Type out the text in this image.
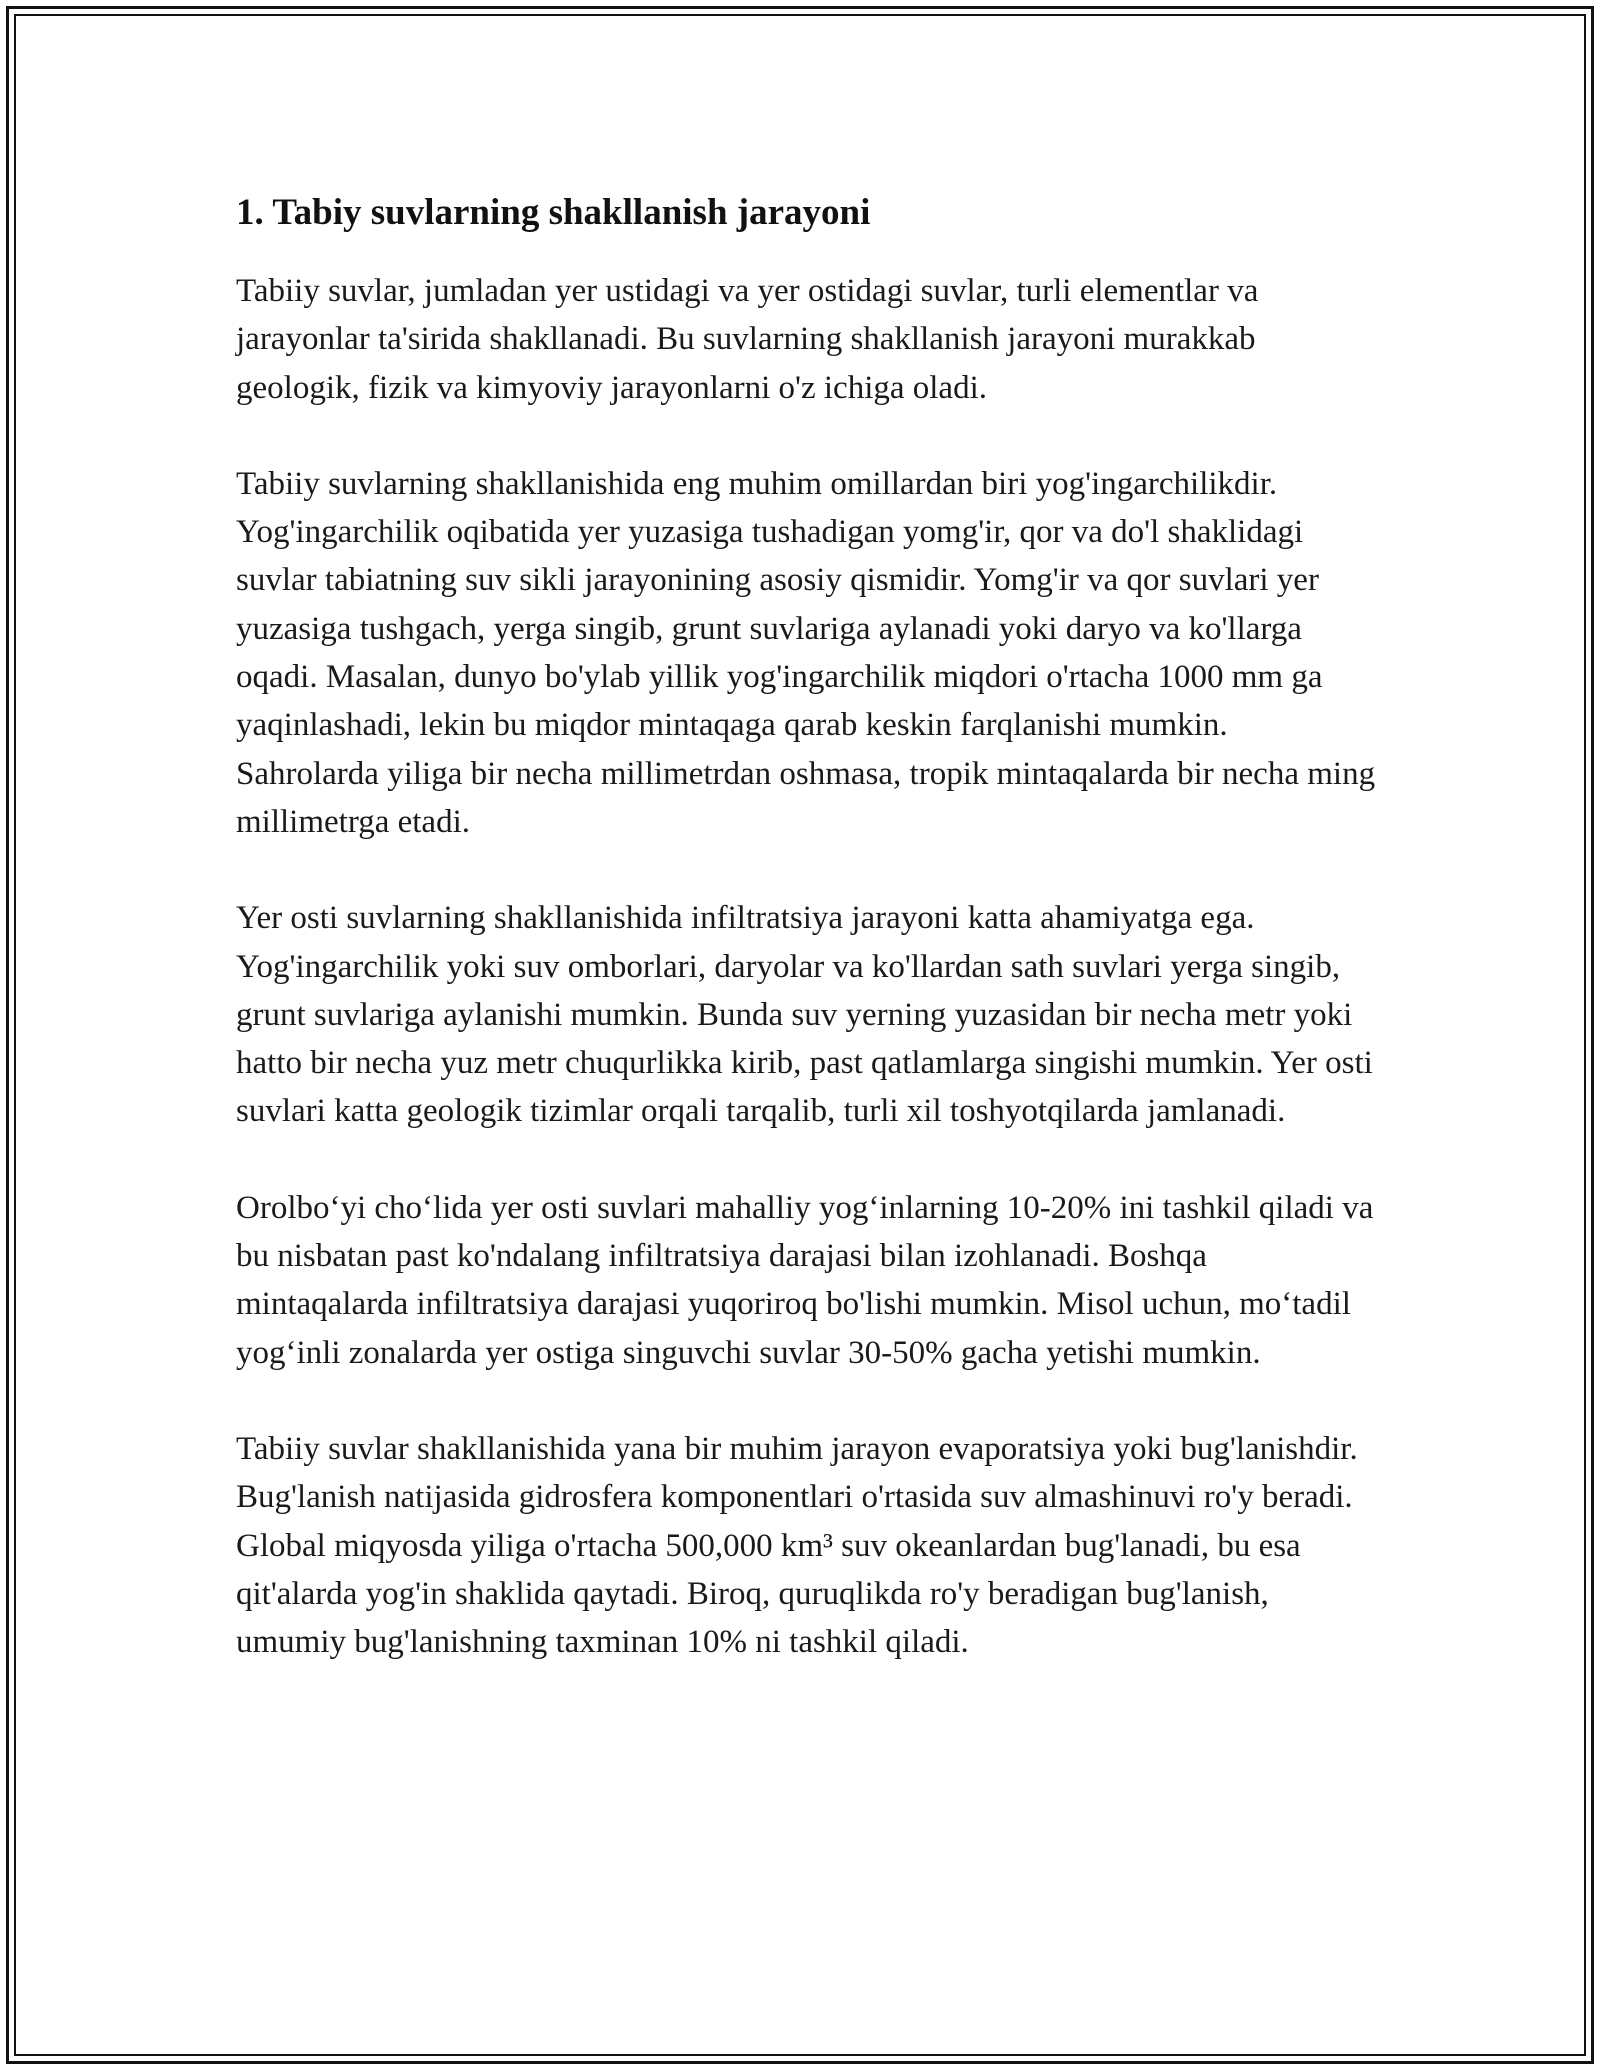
1. Tabiy suvlarning shakllanish jarayoni

Tabiiy suvlar, jumladan yer ustidagi va yer ostidagi suvlar, turli elementlar va jarayonlar ta'sirida shakllanadi. Bu suvlarning shakllanish jarayoni murakkab geologik, fizik va kimyoviy jarayonlarni o'z ichiga oladi.

Tabiiy suvlarning shakllanishida eng muhim omillardan biri yog'ingarchilikdir. Yog'ingarchilik oqibatida yer yuzasiga tushadigan yomg'ir, qor va do'l shaklidagi suvlar tabiatning suv sikli jarayonining asosiy qismidir. Yomg'ir va qor suvlari yer yuzasiga tushgach, yerga singib, grunt suvlariga aylanadi yoki daryo va ko'llarga oqadi. Masalan, dunyo bo'ylab yillik yog'ingarchilik miqdori o'rtacha 1000 mm ga yaqinlashadi, lekin bu miqdor mintaqaga qarab keskin farqlanishi mumkin. Sahrolarda yiliga bir necha millimetrdan oshmasa, tropik mintaqalarda bir necha ming millimetrga etadi.

Yer osti suvlarning shakllanishida infiltratsiya jarayoni katta ahamiyatga ega. Yog'ingarchilik yoki suv omborlari, daryolar va ko'llardan sath suvlari yerga singib, grunt suvlariga aylanishi mumkin. Bunda suv yerning yuzasidan bir necha metr yoki hatto bir necha yuz metr chuqurlikka kirib, past qatlamlarga singishi mumkin. Yer osti suvlari katta geologik tizimlar orqali tarqalib, turli xil toshyotqilarda jamlanadi.

Orolbo‘yi cho‘lida yer osti suvlari mahalliy yog‘inlarning 10-20% ini tashkil qiladi va bu nisbatan past ko'ndalang infiltratsiya darajasi bilan izohlanadi. Boshqa mintaqalarda infiltratsiya darajasi yuqoriroq bo'lishi mumkin. Misol uchun, mo‘tadil yog‘inli zonalarda yer ostiga singuvchi suvlar 30-50% gacha yetishi mumkin.

Tabiiy suvlar shakllanishida yana bir muhim jarayon evaporatsiya yoki bug'lanishdir. Bug'lanish natijasida gidrosfera komponentlari o'rtasida suv almashinuvi ro'y beradi. Global miqyosda yiliga o'rtacha 500,000 km³ suv okeanlardan bug'lanadi, bu esa qit'alarda yog'in shaklida qaytadi. Biroq, quruqlikda ro'y beradigan bug'lanish, umumiy bug'lanishning taxminan 10% ni tashkil qiladi.
